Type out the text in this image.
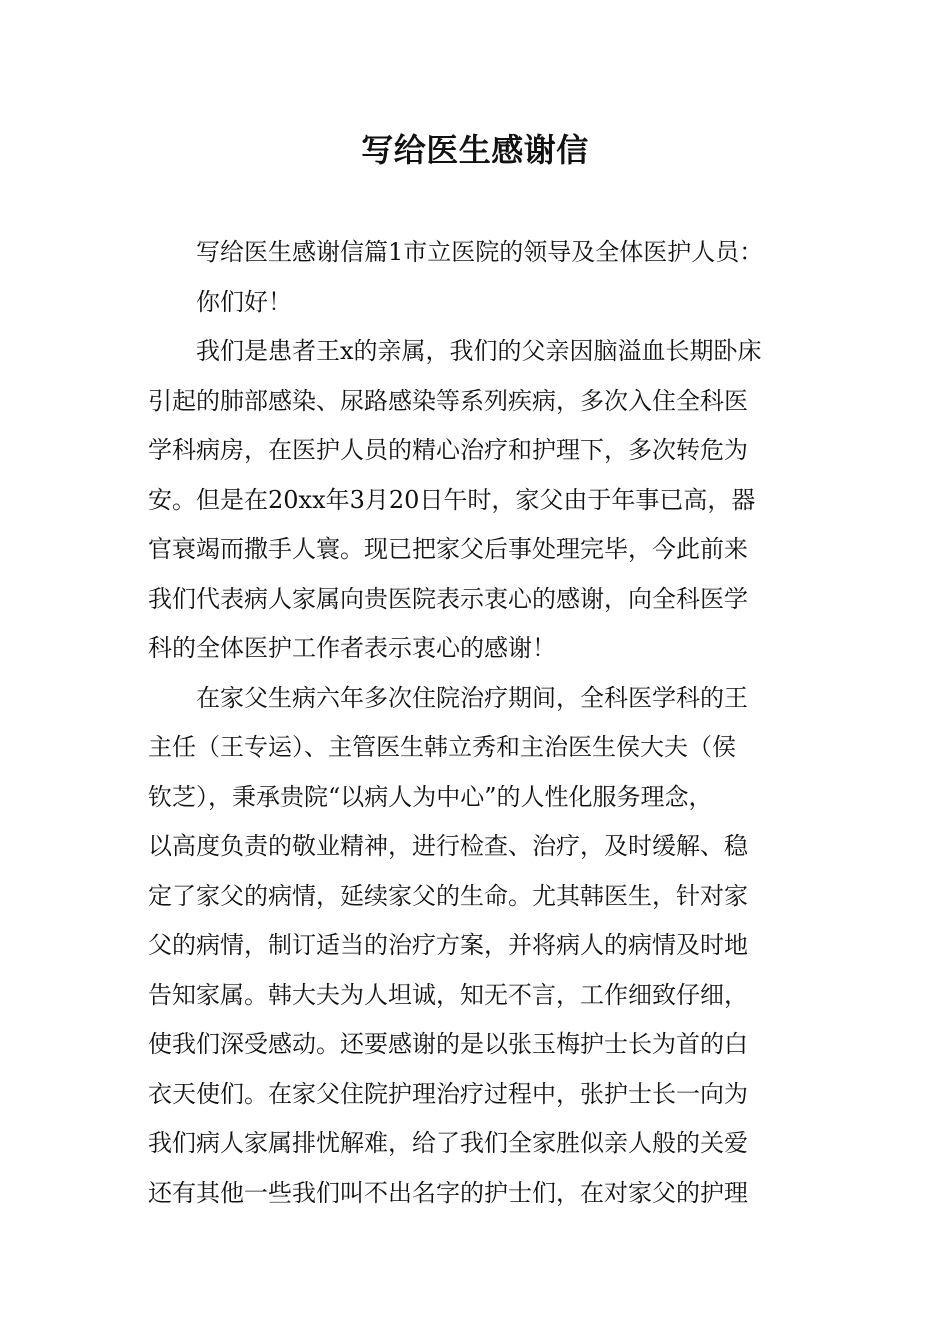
写给医生感谢信
写给医生感谢信篇1市立医院的领导及全体医护人员：
你们好！
我们是患者王x的亲属，我们的父亲因脑溢血长期卧床
引起的肺部感染、尿路感染等系列疾病，多次入住全科医
学科病房，在医护人员的精心治疗和护理下，多次转危为
安。但是在20xx年3月20日午时，家父由于年事已高，器
官衰竭而撒手人寰。现已把家父后事处理完毕，今此前来
我们代表病人家属向贵医院表示衷心的感谢，向全科医学
科的全体医护工作者表示衷心的感谢！
在家父生病六年多次住院治疗期间，全科医学科的王
主任（王专运）、主管医生韩立秀和主治医生侯大夫（侯
钦芝），秉承贵院“以病人为中心”的人性化服务理念，
以高度负责的敬业精神，进行检查、治疗，及时缓解、稳
定了家父的病情，延续家父的生命。尤其韩医生，针对家
父的病情，制订适当的治疗方案，并将病人的病情及时地
告知家属。韩大夫为人坦诚，知无不言，工作细致仔细，
使我们深受感动。还要感谢的是以张玉梅护士长为首的白
衣天使们。在家父住院护理治疗过程中，张护士长一向为
我们病人家属排忧解难，给了我们全家胜似亲人般的关爱
还有其他一些我们叫不出名字的护士们，在对家父的护理
